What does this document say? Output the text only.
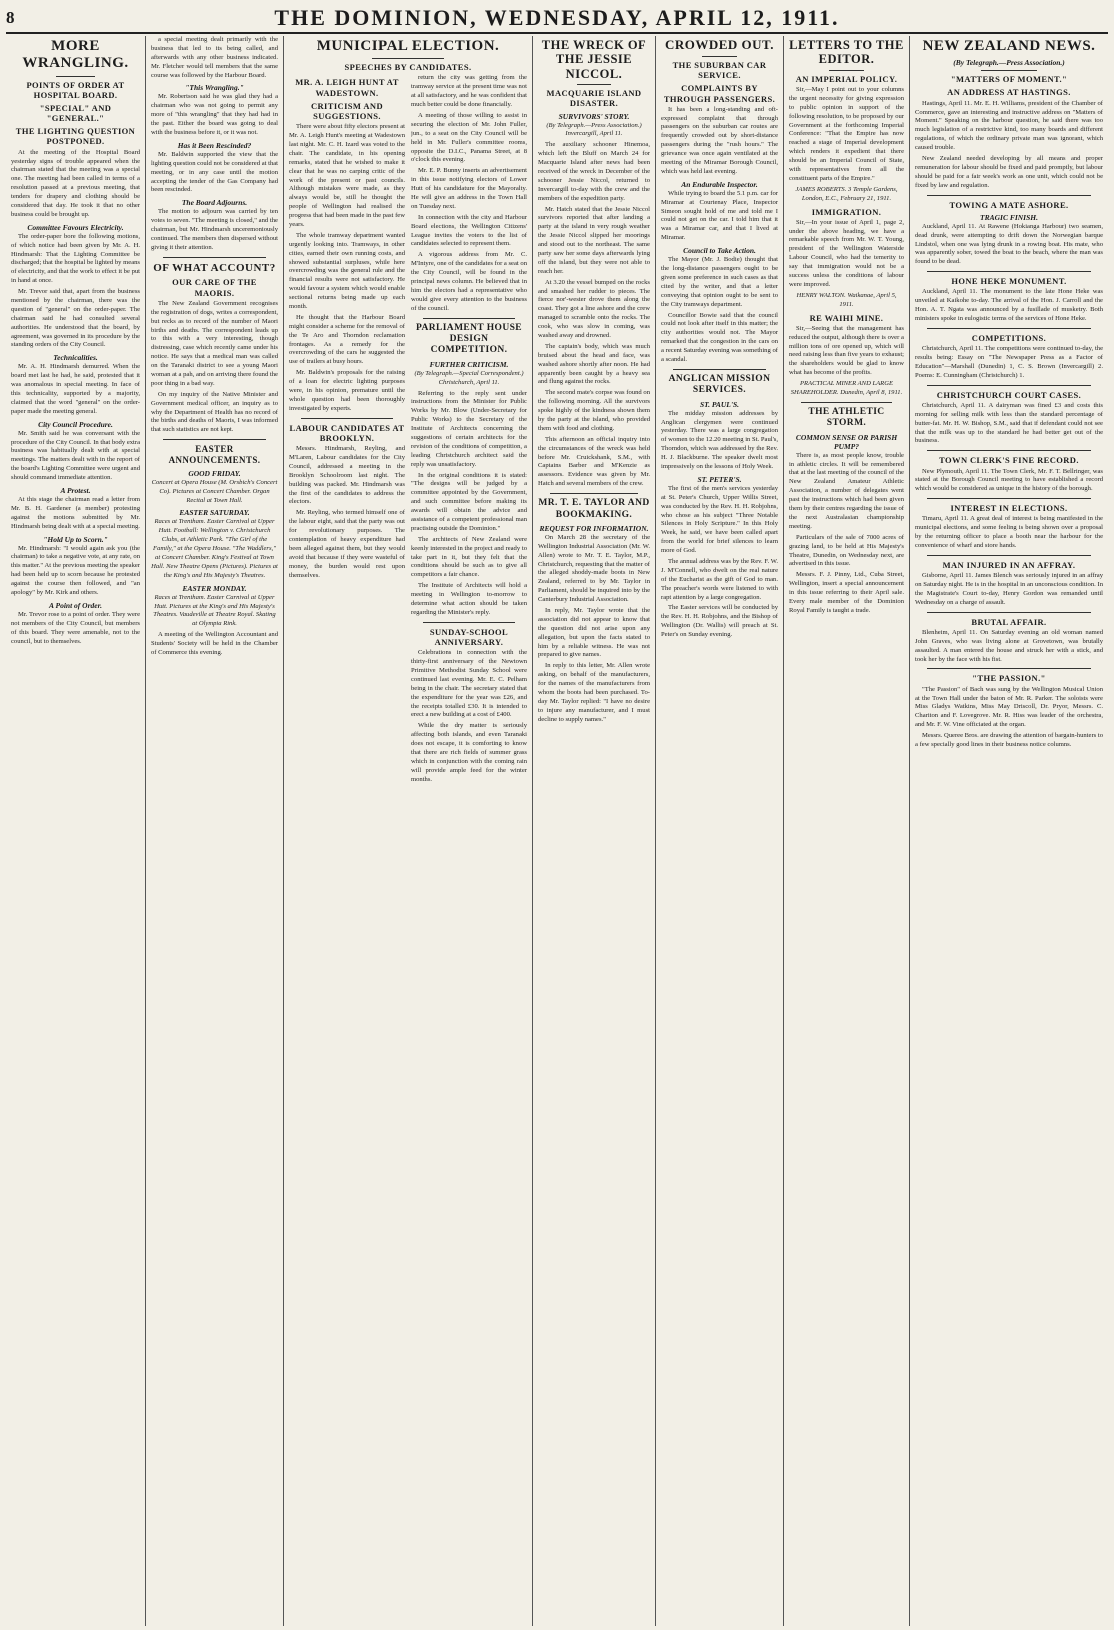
8	THE DOMINION, WEDNESDAY, APRIL 12, 1911.
MORE WRANGLING.
POINTS OF ORDER AT HOSPITAL BOARD.
"SPECIAL" AND "GENERAL."
THE LIGHTING QUESTION POSTPONED.

At the meeting of the Hospital Board yesterday signs of trouble appeared when the chairman stated that the meeting was a special one. The meeting had been called in terms of a resolution passed at a previous meeting, that tenders for drapery and clothing should be considered that day. He took it that no other business could be brought up.

Committee Favours Electricity.

The order-paper bore the following motions, of which notice had been given by Mr. A. H. Hindmarsh: That the Lighting Committee be discharged; that the hospital be lighted by means of electricity, and that the work to effect it be put in hand at once.

Mr. Trevor said that, apart from the business mentioned by the chairman, there was the question of "general" on the order-paper. The chairman said he had consulted several authorities. He understood that the board, by agreement, was governed in its procedure by the standing orders of the City Council.

Technicalities.

Mr. A. H. Hindmarsh demurred. When the board met last he had, he said, protested that it was anomalous in special meeting. In face of this technicality, supported by a majority, claimed that the word "general" on the order-paper made the meeting general.

City Council Procedure.

Mr. Smith said he was conversant with the procedure of the City Council. In that body extra business was habitually dealt with at special meetings. The matters dealt with in the report of the board's Lighting Committee were urgent and should command immediate attention.

A Protest.

At this stage the chairman read a letter from Mr. B. H. Gardener (a member) protesting against the motions submitted by Mr. Hindmarsh being dealt with at a special meeting.

"Hold Up to Scorn."

Mr. Hindmarsh: "I would again ask you (the chairman) to take a negative vote, at any rate, on this matter." At the previous meeting the speaker had been held up to scorn because he protested against the course then followed, and "an apology" by Mr. Kirk and others.

A Point of Order.

Mr. Trevor rose to a point of order. They were not members of the City Council, but members of this board. They were amenable, not to the council, but to themselves.

a special meeting dealt primarily with the business that led to its being called, and afterwards with any other business indicated. Mr. Fletcher would tell members that the same course was followed by the Harbour Board.

"This Wrangling."

Mr. Robertson said he was glad they had a chairman who was not going to permit any more of "this wrangling" that they had had in the past. Either the board was going to deal with the business before it, or it was not.

Has it Been Rescinded?

Mr. Baldwin supported the view that the lighting question could not be considered at that meeting, or in any case until the motion accepting the tender of the Gas Company had been rescinded.

The Board Adjourns.

The motion to adjourn was carried by ten votes to seven. "The meeting is closed," and the chairman, but Mr. Hindmarsh unceremoniously continued. The members then dispersed without giving it their attention.

OF WHAT ACCOUNT?
OUR CARE OF THE MAORIS.

The New Zealand Government recognises the registration of dogs, writes a correspondent, but recks as to record of the number of Maori births and deaths. The correspondent leads up to this with a very interesting, though distressing, case which recently came under his notice. He says that a medical man was called on the Taranaki district to see a young Maori woman at a pah, and on arriving there found the poor thing in a bad way.

On my inquiry of the Native Minister and Government medical officer, an inquiry as to why the Department of Health has no record of the births and deaths of Maoris, I was informed that such statistics are not kept.

EASTER ANNOUNCEMENTS.
GOOD FRIDAY.

Concert at Opera House (M. Orsbich's Concert Co). Pictures at Concert Chamber. Organ Recital at Town Hall.

EASTER SATURDAY.

Races at Trentham. Easter Carnival at Upper Hutt. Football: Wellington v. Christchurch Clubs, at Athletic Park. "The Girl of the Family," at the Opera House. "The Waddlers," at Concert Chamber. King's Festival at Town Hall. New Theatre Opens (Pictures). Pictures at the King's and His Majesty's Theatres.

EASTER MONDAY.

Races at Trentham. Easter Carnival at Upper Hutt. Pictures at the King's and His Majesty's Theatres. Vaudeville at Theatre Royal. Skating at Olympia Rink.

A meeting of the Wellington Accountant and Students' Society will be held in the Chamber of Commerce this evening.

MUNICIPAL ELECTION.
SPEECHES BY CANDIDATES.
MR. A. LEIGH HUNT AT WADESTOWN.
CRITICISM AND SUGGESTIONS.

There were about fifty electors present at Mr. A. Leigh Hunt's meeting at Wadestown last night. Mr. C. H. Izard was voted to the chair. The candidate, in his opening remarks, stated that he wished to make it clear that he was no carping critic of the work of the present or past councils. Although mistakes were made, as they always would be, still he thought the people of Wellington had realised the progress that had been made in the past few years.

The whole tramway department wanted urgently looking into. Tramways, in other cities, earned their own running costs, and showed substantial surpluses, while here overcrowding was the general rule and the financial results were not satisfactory. He would favour a system which would enable sectional returns being made up each month.

He thought that the Harbour Board might consider a scheme for the removal of the Te Aro and Thorndon reclamation frontages. As a remedy for the overcrowding of the cars he suggested the use of trailers at busy hours.

Mr. Baldwin's proposals for the raising of a loan for electric lighting purposes were, in his opinion, premature until the whole question had been thoroughly investigated by experts.

LABOUR CANDIDATES AT BROOKLYN.

Messrs. Hindmarsh, Reyling, and M'Laren, Labour candidates for the City Council, addressed a meeting in the Brooklyn Schoolroom last night. The building was packed. Mr. Hindmarsh was the first of the candidates to address the electors.

Mr. Reyling, who termed himself one of the labour eight, said that the party was out for revolutionary purposes. The contemplation of heavy expenditure had been alleged against them, but they would avoid that because if they were wasteful of money, the burden would rest upon themselves.

return the city was getting from the tramway service at the present time was not at all satisfactory, and he was confident that much better could be done financially.

A meeting of those willing to assist in securing the election of Mr. John Fuller, jun., to a seat on the City Council will be held in Mr. Fuller's committee rooms, opposite the D.I.C., Panama Street, at 8 o'clock this evening.

Mr. E. P. Bunny inserts an advertisement in this issue notifying electors of Lower Hutt of his candidature for the Mayoralty. He will give an address in the Town Hall on Tuesday next.

In connection with the city and Harbour Board elections, the Wellington Citizens' League invites the voters to the list of candidates selected to represent them.

A vigorous address from Mr. C. M'Intyre, one of the candidates for a seat on the City Council, will be found in the principal news column. He believed that in him the electors had a representative who would give every attention to the business of the council.

PARLIAMENT HOUSE DESIGN COMPETITION.
FURTHER CRITICISM.

(By Telegraph.—Special Correspondent.) Christchurch, April 11.

Referring to the reply sent under instructions from the Minister for Public Works by Mr. Blow (Under-Secretary for Public Works) to the Secretary of the Institute of Architects concerning the suggestions of certain architects for the revision of the conditions of competition, a leading Christchurch architect said the reply was unsatisfactory.

In the original conditions it is stated: "The designs will be judged by a committee appointed by the Government, and such committee before making its awards will obtain the advice and assistance of a competent professional man practising outside the Dominion."

The architects of New Zealand were keenly interested in the project and ready to take part in it, but they felt that the conditions should be such as to give all competitors a fair chance.

The Institute of Architects will hold a meeting in Wellington to-morrow to determine what action should be taken regarding the Minister's reply.

SUNDAY-SCHOOL ANNIVERSARY.

Celebrations in connection with the thirty-first anniversary of the Newtown Primitive Methodist Sunday School were continued last evening. Mr. E. C. Pelham being in the chair. The secretary stated that the expenditure for the year was £26, and the receipts totalled £30. It is intended to erect a new building at a cost of £400.

While the dry matter is seriously affecting both islands, and even Taranaki does not escape, it is comforting to know that there are rich fields of summer grass which in conjunction with the coming rain will provide ample feed for the winter months.

THE WRECK OF THE JESSIE NICCOL.
MACQUARIE ISLAND DISASTER.
SURVIVORS' STORY.

(By Telegraph.—Press Association.) Invercargill, April 11.

The auxiliary schooner Hinemoa, which left the Bluff on March 24 for Macquarie Island after news had been received of the wreck in December of the schooner Jessie Niccol, returned to Invercargill to-day with the crew and the members of the expedition party.

Mr. Hatch stated that the Jessie Niccol survivors reported that after landing a party at the island in very rough weather the Jessie Niccol slipped her moorings and stood out to the northeast. The same party saw her some days afterwards lying off the island, but they were not able to reach her.

At 3.20 the vessel bumped on the rocks and smashed her rudder to pieces. The fierce nor'-wester drove them along the coast. They got a line ashore and the crew managed to scramble onto the rocks. The cook, who was slow in coming, was washed away and drowned.

The captain's body, which was much bruised about the head and face, was washed ashore shortly after noon. He had apparently been caught by a heavy sea and flung against the rocks.

The second mate's corpse was found on the following morning. All the survivors spoke highly of the kindness shown them by the party at the island, who provided them with food and clothing.

This afternoon an official inquiry into the circumstances of the wreck was held before Mr. Cruickshank, S.M., with Captains Barber and M'Kenzie as assessors. Evidence was given by Mr. Hatch and several members of the crew.

MR. T. E. TAYLOR AND BOOKMAKING.
REQUEST FOR INFORMATION.

On March 28 the secretary of the Wellington Industrial Association (Mr. W. Allen) wrote to Mr. T. E. Taylor, M.P., Christchurch, requesting that the matter of the alleged shoddy-made boots in New Zealand, referred to by Mr. Taylor in Parliament, should be inquired into by the Canterbury Industrial Association.

In reply, Mr. Taylor wrote that the association did not appear to know that the question did not arise upon any allegation, but upon the facts stated to him by a reliable witness. He was not prepared to give names.

In reply to this letter, Mr. Allen wrote asking, on behalf of the manufacturers, for the names of the manufacturers from whom the boots had been purchased. To-day Mr. Taylor replied: "I have no desire to injure any manufacturer, and I must decline to supply names."

CROWDED OUT.
THE SUBURBAN CAR SERVICE.
COMPLAINTS BY THROUGH PASSENGERS.

It has been a long-standing and oft-expressed complaint that through passengers on the suburban car routes are frequently crowded out by short-distance passengers during the "rush hours." The grievance was once again ventilated at the meeting of the Miramar Borough Council, which was held last evening.

An Endurable Inspector.

While trying to board the 5.1 p.m. car for Miramar at Courtenay Place, Inspector Simeon sought hold of me and told me I could not get on the car. I told him that it was a Miramar car, and that I lived at Miramar.

Council to Take Action.

The Mayor (Mr. J. Bodie) thought that the long-distance passengers ought to be given some preference in such cases as that cited by the writer, and that a letter conveying that opinion ought to be sent to the City tramways department.

Councillor Bowie said that the council could not look after itself in this matter; the city authorities would not. The Mayor remarked that the congestion in the cars on a recent Saturday evening was something of a scandal.

ANGLICAN MISSION SERVICES.
ST. PAUL'S.

The midday mission addresses by Anglican clergymen were continued yesterday. There was a large congregation of women to the 12.20 meeting in St. Paul's, Thorndon, which was addressed by the Rev. H. J. Blackburne. The speaker dwelt most impressively on the lessons of Holy Week.

ST. PETER'S.

The first of the men's services yesterday at St. Peter's Church, Upper Willis Street, was conducted by the Rev. H. H. Robjohns, who chose as his subject "Three Notable Silences in Holy Scripture." In this Holy Week, he said, we have been called apart from the world for brief silences to learn more of God.

The annual address was by the Rev. F. W. J. M'Connell, who dwelt on the real nature of the Eucharist as the gift of God to man. The preacher's words were listened to with rapt attention by a large congregation.

The Easter services will be conducted by the Rev. H. H. Robjohns, and the Bishop of Wellington (Dr. Wallis) will preach at St. Peter's on Sunday evening.

LETTERS TO THE EDITOR.
AN IMPERIAL POLICY.

Sir,—May I point out to your columns the urgent necessity for giving expression to public opinion in support of the following resolution, to be proposed by our Government at the forthcoming Imperial Conference: "That the Empire has now reached a stage of Imperial development which renders it expedient that there should be an Imperial Council of State, with representatives from all the constituent parts of the Empire."

JAMES ROBERTS. 3 Temple Gardens, London, E.C., February 21, 1911.

IMMIGRATION.

Sir,—In your issue of April 1, page 2, under the above heading, we have a remarkable speech from Mr. W. T. Young, president of the Wellington Waterside Labour Council, who had the temerity to say that immigration would not be a success unless the conditions of labour were improved.

HENRY WALTON. Waikanae, April 5, 1911.

RE WAIHI MINE.

Sir,—Seeing that the management has reduced the output, although there is over a million tons of ore opened up, which will need raising less than five years to exhaust; the shareholders would be glad to know what has become of the profits.

PRACTICAL MINER AND LARGE SHAREHOLDER. Dunedin, April 8, 1911.

THE ATHLETIC STORM.
COMMON SENSE OR PARISH PUMP?

There is, as most people know, trouble in athletic circles. It will be remembered that at the last meeting of the council of the New Zealand Amateur Athletic Association, a number of delegates went past the instructions which had been given them by their centres regarding the issue of the next Australasian championship meeting.

Particulars of the sale of 7000 acres of grazing land, to be held at His Majesty's Theatre, Dunedin, on Wednesday next, are advertised in this issue.

Messrs. F. J. Pinny, Ltd., Cuba Street, Wellington, insert a special announcement in this issue referring to their April sale. Every male member of the Dominion Royal Family is taught a trade.

NEW ZEALAND NEWS.
(By Telegraph.—Press Association.)
"MATTERS OF MOMENT."
AN ADDRESS AT HASTINGS.

Hastings, April 11. Mr. E. H. Williams, president of the Chamber of Commerce, gave an interesting and instructive address on "Matters of Moment." Speaking on the harbour question, he said there was too much legislation of a restrictive kind, too many boards and different regulations, of which the ordinary private man was ignorant, which caused trouble.

New Zealand needed developing by all means and proper remuneration for labour should be fixed and paid promptly, but labour should be paid for a fair week's work as one unit, which could not be fixed by law and regulation.

TOWING A MATE ASHORE.
TRAGIC FINISH.

Auckland, April 11. At Rawene (Hokianga Harbour) two seamen, dead drunk, were attempting to drift down the Norwegian barque Lindstol, when one was lying drunk in a rowing boat. His mate, who was apparently sober, towed the boat to the beach, where the man was found to be dead.

HONE HEKE MONUMENT.

Auckland, April 11. The monument to the late Hone Heke was unveiled at Kaikohe to-day. The arrival of the Hon. J. Carroll and the Hon. A. T. Ngata was announced by a fusillade of musketry. Both ministers spoke in eulogistic terms of the services of Hone Heke.

COMPETITIONS.

Christchurch, April 11. The competitions were continued to-day, the results being: Essay on "The Newspaper Press as a Factor of Education"—Marshall (Dunedin) 1, C. S. Brown (Invercargill) 2. Poems: E. Cunningham (Christchurch) 1.

CHRISTCHURCH COURT CASES.

Christchurch, April 11. A dairyman was fined £3 and costs this morning for selling milk with less than the standard percentage of butter-fat. Mr. H. W. Bishop, S.M., said that if defendant could not see that the milk was up to the standard he had better get out of the business.

TOWN CLERK'S FINE RECORD.

New Plymouth, April 11. The Town Clerk, Mr. F. T. Bellringer, was stated at the Borough Council meeting to have established a record which would be considered as unique in the history of the borough.

INTEREST IN ELECTIONS.

Timaru, April 11. A great deal of interest is being manifested in the municipal elections, and some feeling is being shown over a proposal by the returning officer to place a booth near the harbour for the convenience of wharf and store hands.

MAN INJURED IN AN AFFRAY.

Gisborne, April 11. James Blench was seriously injured in an affray on Saturday night. He is in the hospital in an unconscious condition. In the Magistrate's Court to-day, Henry Gordon was remanded until Wednesday on a charge of assault.

BRUTAL AFFAIR.

Blenheim, April 11. On Saturday evening an old woman named John Graves, who was living alone at Grovetown, was brutally assaulted. A man entered the house and struck her with a stick, and took her by the face with his fist.

"THE PASSION."

"The Passion" of Bach was sung by the Wellington Musical Union at the Town Hall under the baton of Mr. R. Parker. The soloists were Miss Gladys Watkins, Miss May Driscoll, Dr. Pryor, Messrs. C. Chariton and F. Lovegrove. Mr. R. Hiss was leader of the orchestra, and Mr. F. W. Vine officiated at the organ.

Messrs. Queree Bros. are drawing the attention of bargain-hunters to a few specially good lines in their business notice columns.
